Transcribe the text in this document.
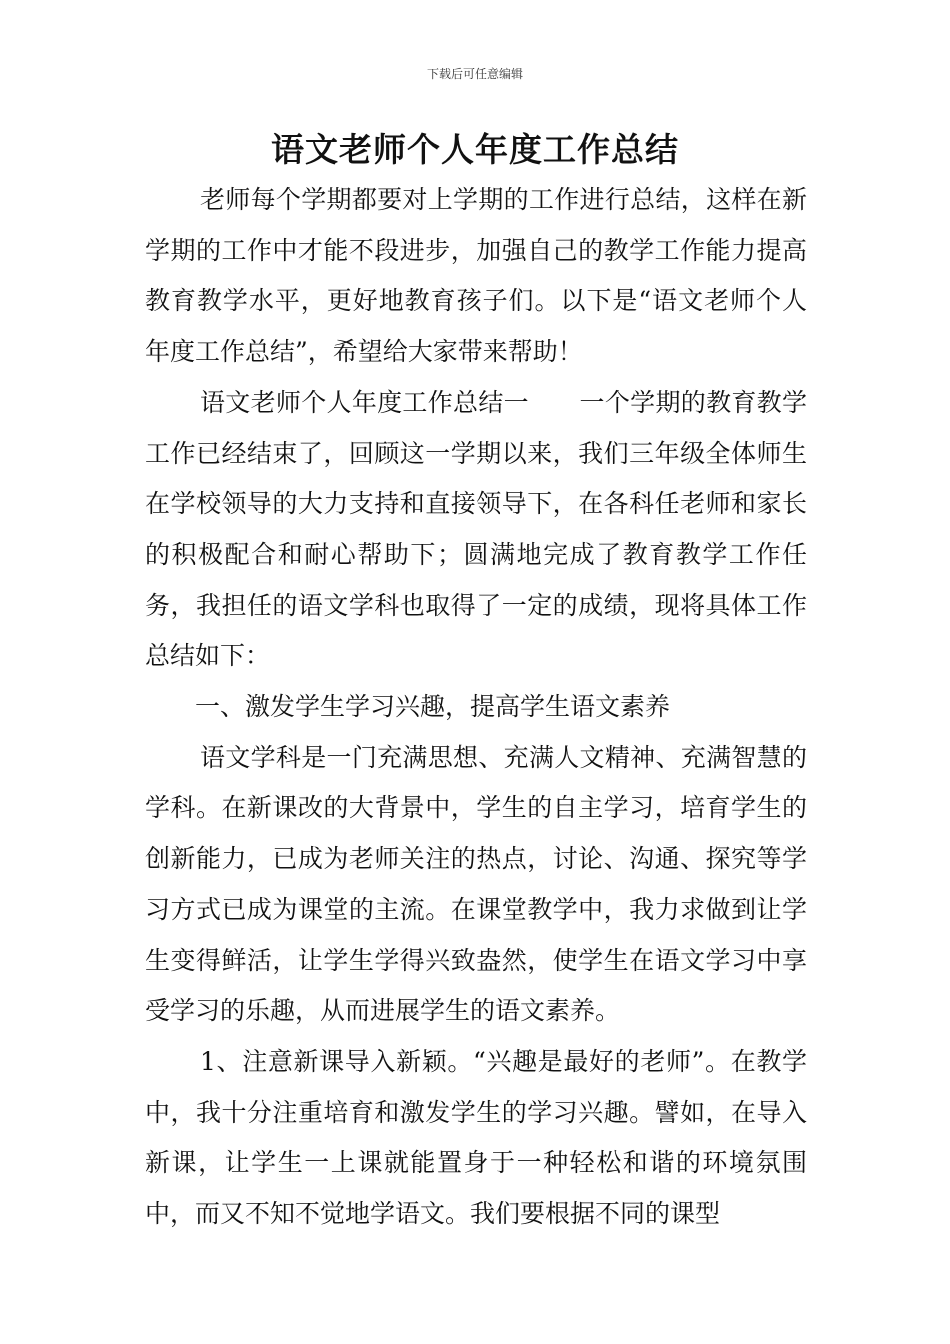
下载后可任意编辑
语文老师个人年度工作总结

老师每个学期都要对上学期的工作进行总结，这样在新学期的工作中才能不段进步，加强自己的教学工作能力提高教育教学水平，更好地教育孩子们。以下是“语文老师个人年度工作总结”，希望给大家带来帮助！

语文老师个人年度工作总结一　　一个学期的教育教学工作已经结束了，回顾这一学期以来，我们三年级全体师生在学校领导的大力支持和直接领导下，在各科任老师和家长的积极配合和耐心帮助下；圆满地完成了教育教学工作任务，我担任的语文学科也取得了一定的成绩，现将具体工作总结如下：

一、激发学生学习兴趣，提高学生语文素养

语文学科是一门充满思想、充满人文精神、充满智慧的学科。在新课改的大背景中，学生的自主学习，培育学生的创新能力，已成为老师关注的热点，讨论、沟通、探究等学习方式已成为课堂的主流。在课堂教学中，我力求做到让学生变得鲜活，让学生学得兴致盎然，使学生在语文学习中享受学习的乐趣，从而进展学生的语文素养。

1、注意新课导入新颖。“兴趣是最好的老师”。在教学中，我十分注重培育和激发学生的学习兴趣。譬如，在导入新课，让学生一上课就能置身于一种轻松和谐的环境氛围中，而又不知不觉地学语文。我们要根据不同的课型
